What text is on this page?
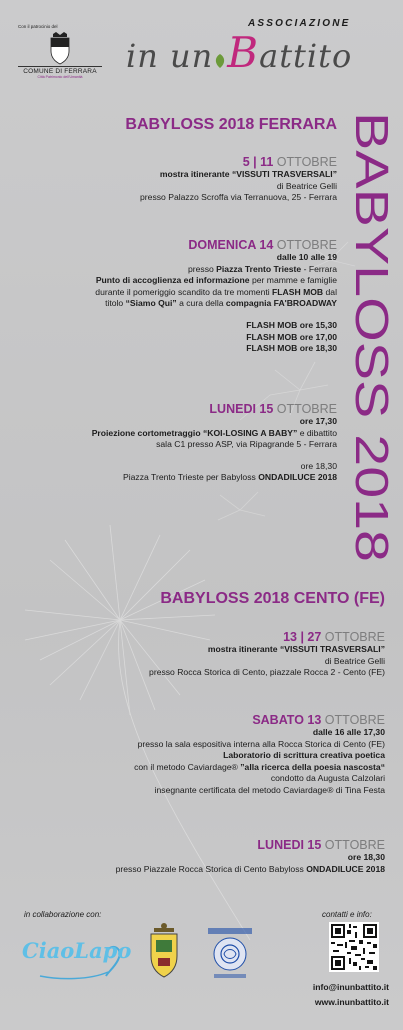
Con il patrocinio del
COMUNE DI FERRARA
Città Patrimonio dell'Umanità
ASSOCIAZIONE
in un Battito
BABYLOSS 2018
BABYLOSS 2018 FERRARA
5 | 11 OTTOBRE
mostra itinerante “VISSUTI TRASVERSALI”
di Beatrice Gelli
presso Palazzo Scroffa via Terranuova, 25 - Ferrara
DOMENICA 14 OTTOBRE
dalle 10 alle 19
presso Piazza Trento Trieste - Ferrara
Punto di accoglienza ed informazione per mamme e famiglie
durante il pomeriggio scandito da tre momenti FLASH MOB dal
titolo “Siamo Qui” a cura della compagnia FA'BROADWAY
FLASH MOB ore 15,30
FLASH MOB ore 17,00
FLASH MOB ore 18,30
LUNEDI 15 OTTOBRE
ore 17,30
Proiezione cortometraggio “KOI-LOSING A BABY” e dibattito
sala C1 presso ASP, via Ripagrande 5 - Ferrara
ore 18,30
Piazza Trento Trieste per Babyloss ONDADILUCE 2018
BABYLOSS 2018 CENTO (FE)
13 | 27 OTTOBRE
mostra itinerante “VISSUTI TRASVERSALI”
di Beatrice Gelli
presso Rocca Storica di Cento, piazzale Rocca 2 - Cento (FE)
SABATO 13 OTTOBRE
dalle 16 alle 17,30
presso la sala espositiva interna alla Rocca Storica di Cento (FE)
Laboratorio di scrittura creativa poetica
con il metodo Caviardage® ”alla ricerca della poesia nascosta“
condotto da Augusta Calzolari
insegnante certificata del metodo Caviardage® di Tina Festa
LUNEDI 15 OTTOBRE
ore 18,30
presso Piazzale Rocca Storica di Cento Babyloss ONDADILUCE 2018
in collaborazione con:	contatti e info:
CiaoLapo
info@inunbattito.it
www.inunbattito.it
